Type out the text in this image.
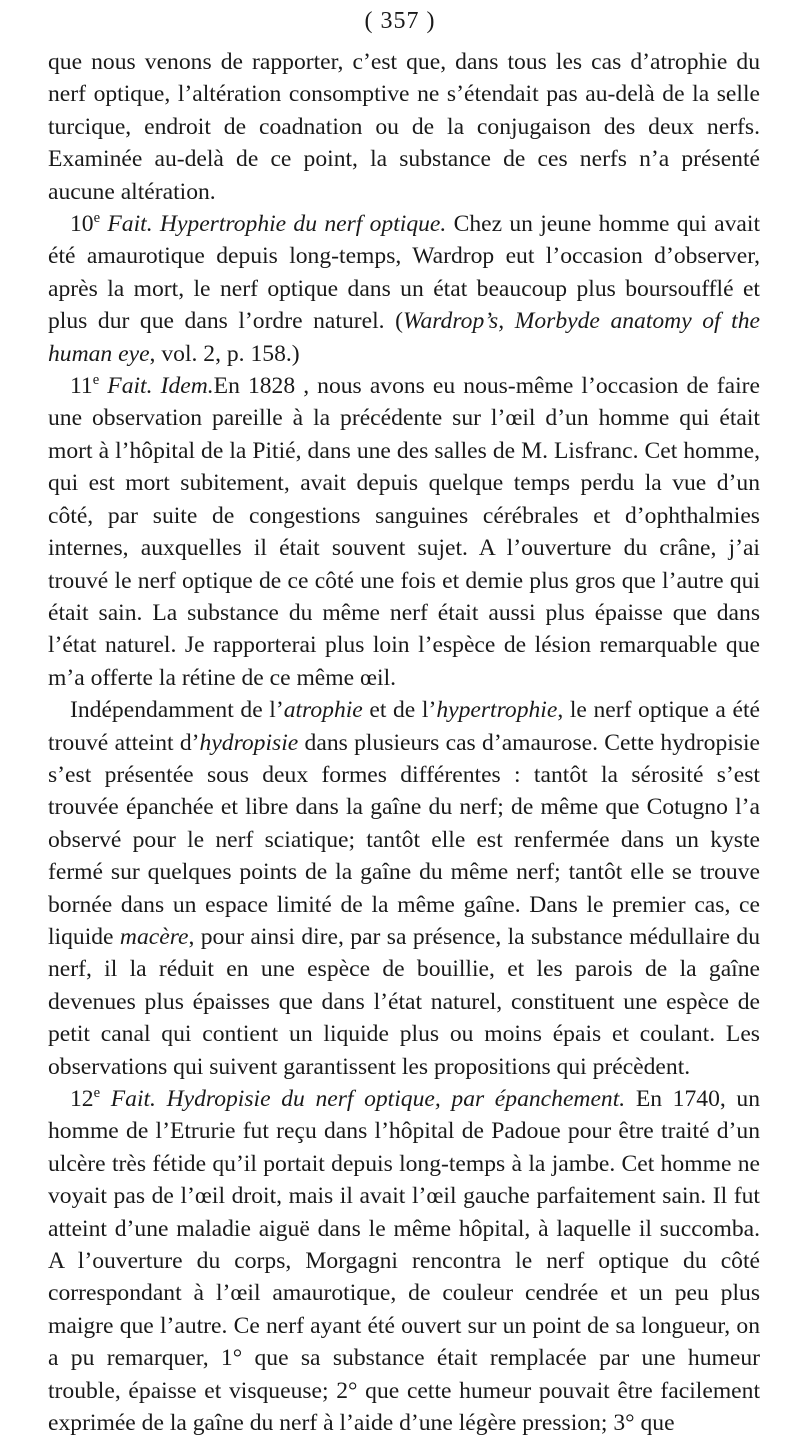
( 357 )

que nous venons de rapporter, c’est que, dans tous les cas d’atrophie du nerf optique, l’altération consomptive ne s’étendait pas au-delà de la selle turcique, endroit de coadnation ou de la conjugaison des deux nerfs. Examinée au-delà de ce point, la substance de ces nerfs n’a présenté aucune altération.

10e Fait. Hypertrophie du nerf optique. Chez un jeune homme qui avait été amaurotique depuis long-temps, Wardrop eut l’occasion d’observer, après la mort, le nerf optique dans un état beaucoup plus boursoufflé et plus dur que dans l’ordre naturel. (Wardrop’s, Morbyde anatomy of the human eye, vol. 2, p. 158.)

11e Fait. Idem.En 1828 , nous avons eu nous-même l’occasion de faire une observation pareille à la précédente sur l’œil d’un homme qui était mort à l’hôpital de la Pitié, dans une des salles de M. Lisfranc. Cet homme, qui est mort subitement, avait depuis quelque temps perdu la vue d’un côté, par suite de congestions sanguines cérébrales et d’ophthalmies internes, auxquelles il était souvent sujet. A l’ouverture du crâne, j’ai trouvé le nerf optique de ce côté une fois et demie plus gros que l’autre qui était sain. La substance du même nerf était aussi plus épaisse que dans l’état naturel. Je rapporterai plus loin l’espèce de lésion remarquable que m’a offerte la rétine de ce même œil.

Indépendamment de l’atrophie et de l’hypertrophie, le nerf optique a été trouvé atteint d’hydropisie dans plusieurs cas d’amaurose. Cette hydropisie s’est présentée sous deux formes différentes : tantôt la sérosité s’est trouvée épanchée et libre dans la gaîne du nerf; de même que Cotugno l’a observé pour le nerf sciatique; tantôt elle est renfermée dans un kyste fermé sur quelques points de la gaîne du même nerf; tantôt elle se trouve bornée dans un espace limité de la même gaîne. Dans le premier cas, ce liquide macère, pour ainsi dire, par sa présence, la substance médullaire du nerf, il la réduit en une espèce de bouillie, et les parois de la gaîne devenues plus épaisses que dans l’état naturel, constituent une espèce de petit canal qui contient un liquide plus ou moins épais et coulant. Les observations qui suivent garantissent les propositions qui précèdent.

12e Fait. Hydropisie du nerf optique, par épanchement. En 1740, un homme de l’Etrurie fut reçu dans l’hôpital de Padoue pour être traité d’un ulcère très fétide qu’il portait depuis long-temps à la jambe. Cet homme ne voyait pas de l’œil droit, mais il avait l’œil gauche parfaitement sain. Il fut atteint d’une maladie aiguë dans le même hôpital, à laquelle il succomba. A l’ouverture du corps, Morgagni rencontra le nerf optique du côté correspondant à l’œil amaurotique, de couleur cendrée et un peu plus maigre que l’autre. Ce nerf ayant été ouvert sur un point de sa longueur, on a pu remarquer, 1° que sa substance était remplacée par une humeur trouble, épaisse et visqueuse; 2° que cette humeur pouvait être facilement exprimée de la gaîne du nerf à l’aide d’une légère pression; 3° que
